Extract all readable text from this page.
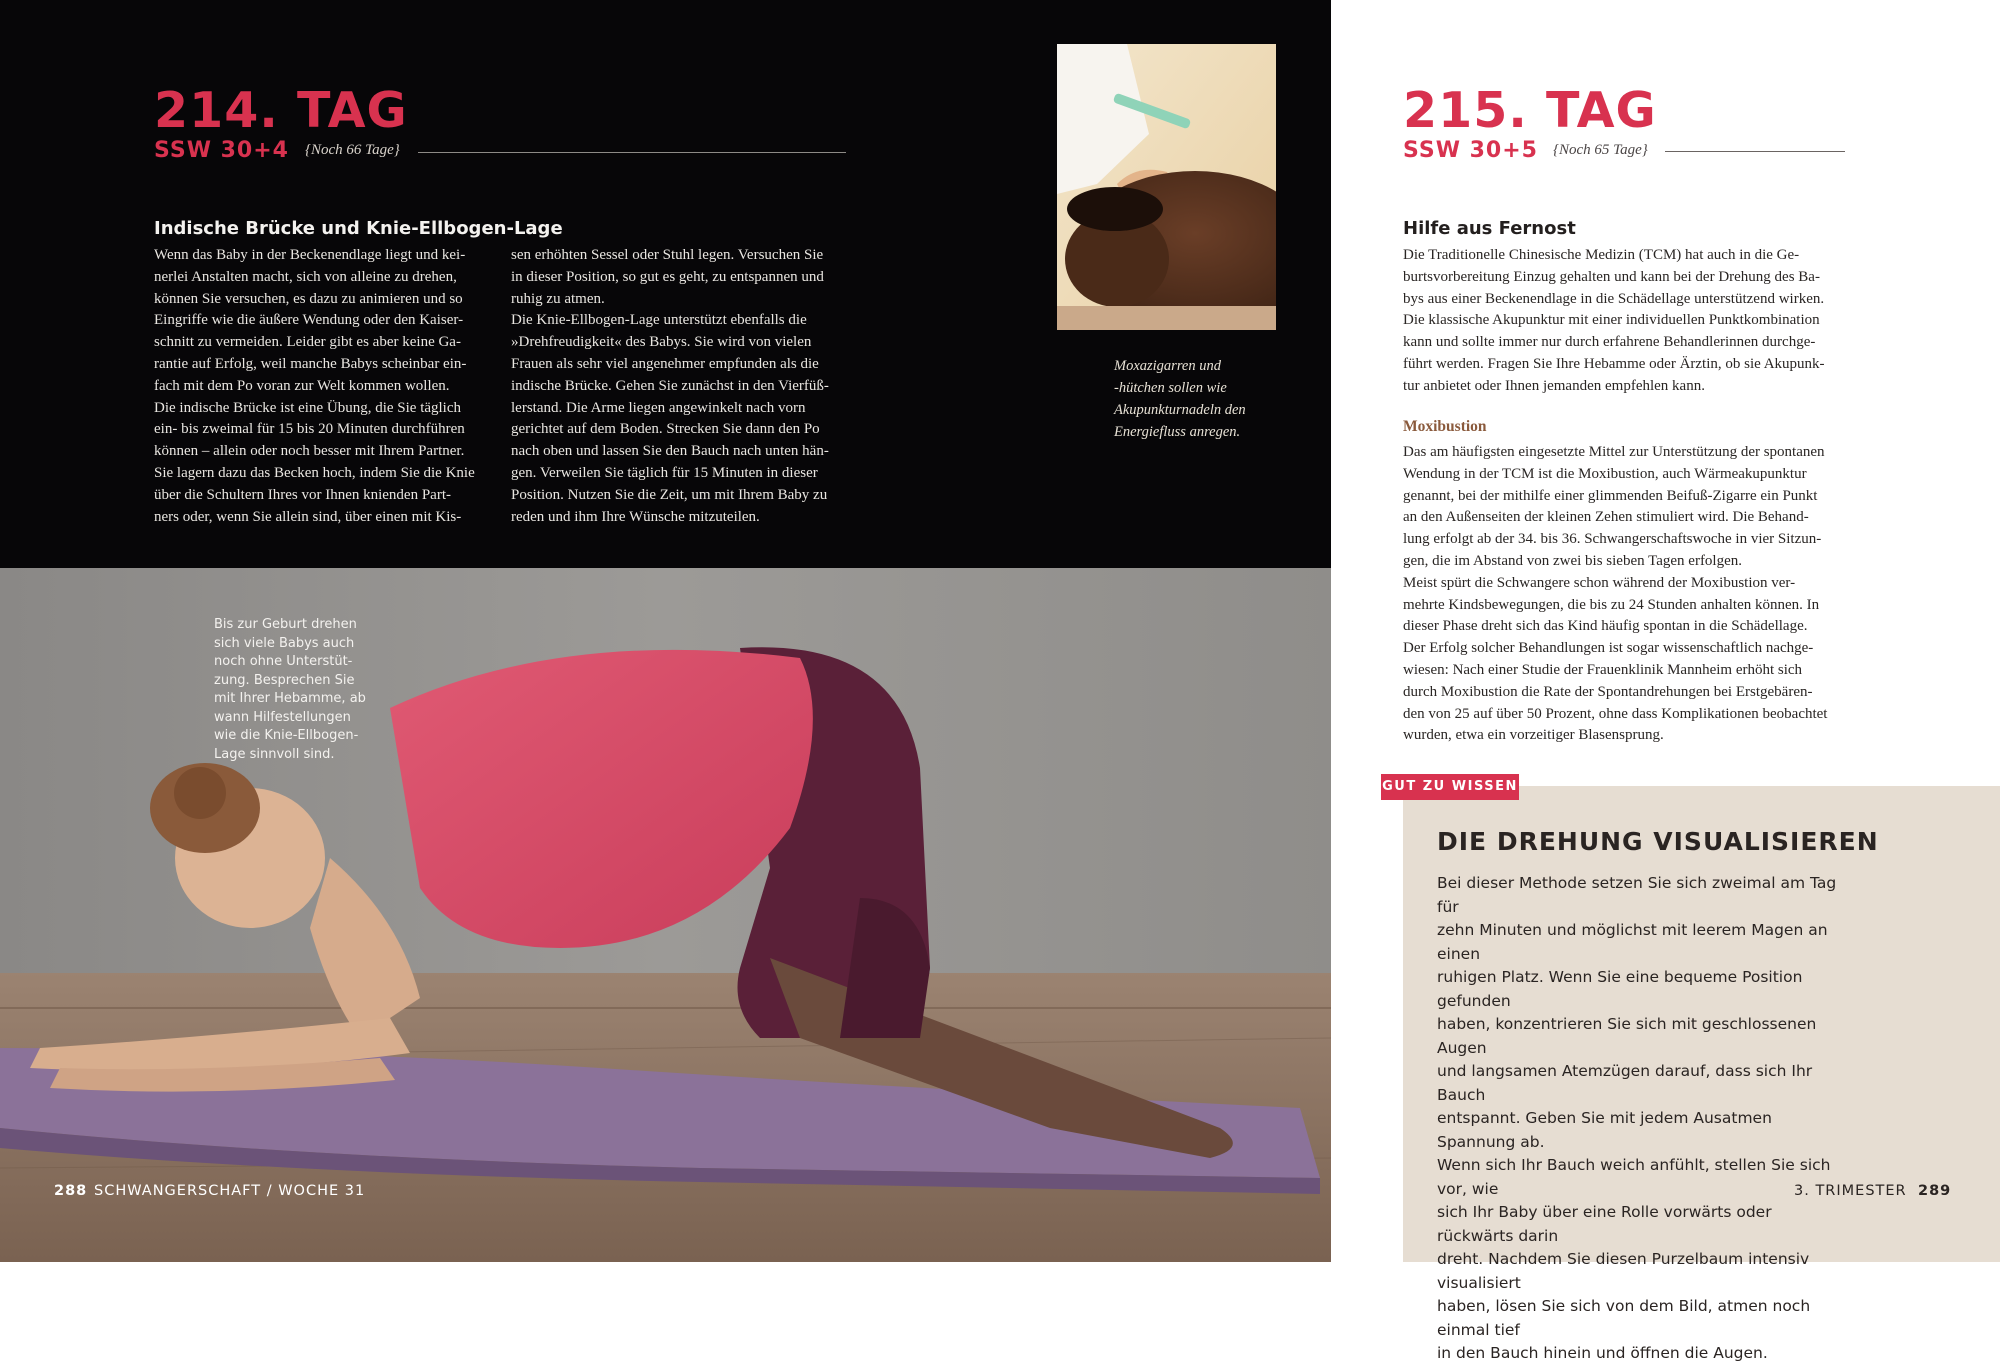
214. TAG
SSW 30+4 {Noch 66 Tage}
Indische Brücke und Knie-Ellbogen-Lage
Wenn das Baby in der Beckenendlage liegt und kei-
nerlei Anstalten macht, sich von alleine zu drehen,
können Sie versuchen, es dazu zu animieren und so
Eingriffe wie die äußere Wendung oder den Kaiser-
schnitt zu vermeiden. Leider gibt es aber keine Ga-
rantie auf Erfolg, weil manche Babys scheinbar ein-
fach mit dem Po voran zur Welt kommen wollen.
Die indische Brücke ist eine Übung, die Sie täglich
ein- bis zweimal für 15 bis 20 Minuten durchführen
können – allein oder noch besser mit Ihrem Partner.
Sie lagern dazu das Becken hoch, indem Sie die Knie
über die Schultern Ihres vor Ihnen knienden Part-
ners oder, wenn Sie allein sind, über einen mit Kis-
sen erhöhten Sessel oder Stuhl legen. Versuchen Sie
in dieser Position, so gut es geht, zu entspannen und
ruhig zu atmen.
Die Knie-Ellbogen-Lage unterstützt ebenfalls die
»Drehfreudigkeit« des Babys. Sie wird von vielen
Frauen als sehr viel angenehmer empfunden als die
indische Brücke. Gehen Sie zunächst in den Vierfüß-
lerstand. Die Arme liegen angewinkelt nach vorn
gerichtet auf dem Boden. Strecken Sie dann den Po
nach oben und lassen Sie den Bauch nach unten hän-
gen. Verweilen Sie täglich für 15 Minuten in dieser
Position. Nutzen Sie die Zeit, um mit Ihrem Baby zu
reden und ihm Ihre Wünsche mitzuteilen.
Moxazigarren und
-hütchen sollen wie
Akupunkturnadeln den
Energiefluss anregen.
Bis zur Geburt drehen
sich viele Babys auch
noch ohne Unterstüt-
zung. Besprechen Sie
mit Ihrer Hebamme, ab
wann Hilfestellungen
wie die Knie-Ellbogen-
Lage sinnvoll sind.
288 SCHWANGERSCHAFT / WOCHE 31
215. TAG
SSW 30+5 {Noch 65 Tage}
Hilfe aus Fernost
Die Traditionelle Chinesische Medizin (TCM) hat auch in die Ge-
burtsvorbereitung Einzug gehalten und kann bei der Drehung des Ba-
bys aus einer Beckenendlage in die Schädellage unterstützend wirken.
Die klassische Akupunktur mit einer individuellen Punktkombination
kann und sollte immer nur durch erfahrene Behandlerinnen durchge-
führt werden. Fragen Sie Ihre Hebamme oder Ärztin, ob sie Akupunk-
tur anbietet oder Ihnen jemanden empfehlen kann.
Moxibustion
Das am häufigsten eingesetzte Mittel zur Unterstützung der spontanen
Wendung in der TCM ist die Moxibustion, auch Wärmeakupunktur
genannt, bei der mithilfe einer glimmenden Beifuß-Zigarre ein Punkt
an den Außenseiten der kleinen Zehen stimuliert wird. Die Behand-
lung erfolgt ab der 34. bis 36. Schwangerschaftswoche in vier Sitzun-
gen, die im Abstand von zwei bis sieben Tagen erfolgen.
Meist spürt die Schwangere schon während der Moxibustion ver-
mehrte Kindsbewegungen, die bis zu 24 Stunden anhalten können. In
dieser Phase dreht sich das Kind häufig spontan in die Schädellage.
Der Erfolg solcher Behandlungen ist sogar wissenschaftlich nachge-
wiesen: Nach einer Studie der Frauenklinik Mannheim erhöht sich
durch Moxibustion die Rate der Spontandrehungen bei Erstgebären-
den von 25 auf über 50 Prozent, ohne dass Komplikationen beobachtet
wurden, etwa ein vorzeitiger Blasensprung.
GUT ZU WISSEN
DIE DREHUNG VISUALISIEREN
Bei dieser Methode setzen Sie sich zweimal am Tag für
zehn Minuten und möglichst mit leerem Magen an einen
ruhigen Platz. Wenn Sie eine bequeme Position gefunden
haben, konzentrieren Sie sich mit geschlossenen Augen
und langsamen Atemzügen darauf, dass sich Ihr Bauch
entspannt. Geben Sie mit jedem Ausatmen Spannung ab.
Wenn sich Ihr Bauch weich anfühlt, stellen Sie sich vor, wie
sich Ihr Baby über eine Rolle vorwärts oder rückwärts darin
dreht. Nachdem Sie diesen Purzelbaum intensiv visualisiert
haben, lösen Sie sich von dem Bild, atmen noch einmal tief
in den Bauch hinein und öffnen die Augen.
3. TRIMESTER 289
